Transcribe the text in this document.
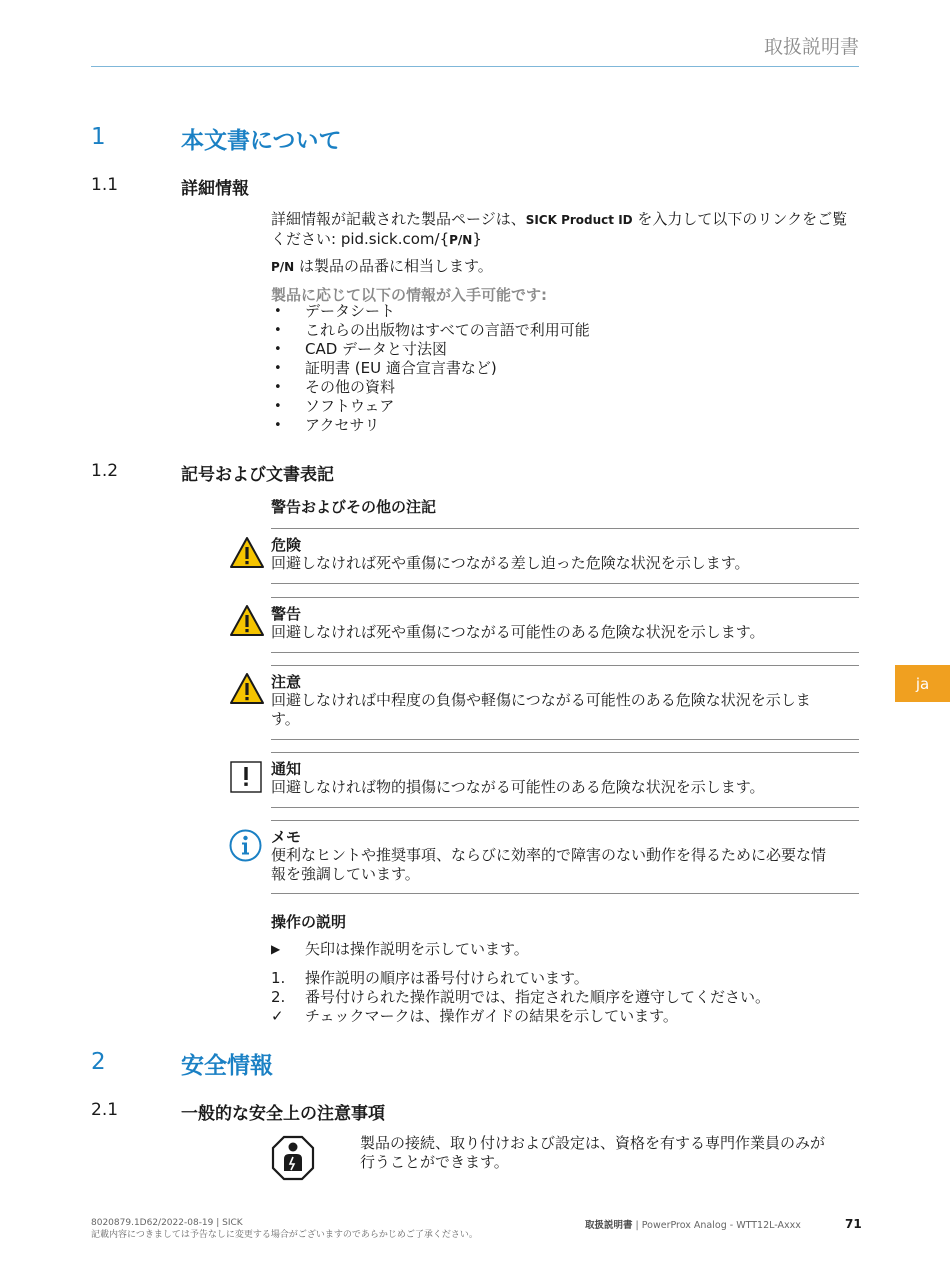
取扱説明書
1	本文書について
1.1	詳細情報
詳細情報が記載された製品ページは、SICK Product ID を入力して以下のリンクをご覧
ください: pid.sick.com/{P/N}
P/N は製品の品番に相当します。
製品に応じて以下の情報が入手可能です:
• データシート
• これらの出版物はすべての言語で利用可能
• CAD データと寸法図
• 証明書 (EU 適合宣言書など)
• その他の資料
• ソフトウェア
• アクセサリ
1.2	記号および文書表記
警告およびその他の注記
危険
回避しなければ死や重傷につながる差し迫った危険な状況を示します。
警告
回避しなければ死や重傷につながる可能性のある危険な状況を示します。
注意
回避しなければ中程度の負傷や軽傷につながる可能性のある危険な状況を示しま
す。
通知
回避しなければ物的損傷につながる可能性のある危険な状況を示します。
メモ
便利なヒントや推奨事項、ならびに効率的で障害のない動作を得るために必要な情
報を強調しています。
操作の説明
▶ 矢印は操作説明を示しています。
1. 操作説明の順序は番号付けられています。
2. 番号付けられた操作説明では、指定された順序を遵守してください。
✓ チェックマークは、操作ガイドの結果を示しています。
2	安全情報
2.1	一般的な安全上の注意事項
製品の接続、取り付けおよび設定は、資格を有する専門作業員のみが
行うことができます。
ja
8020879.1D62/2022-08-19 | SICK
記載内容につきましては予告なしに変更する場合がございますのであらかじめご了承ください。
取扱説明書 | PowerProx Analog - WTT12L-Axxx	71
